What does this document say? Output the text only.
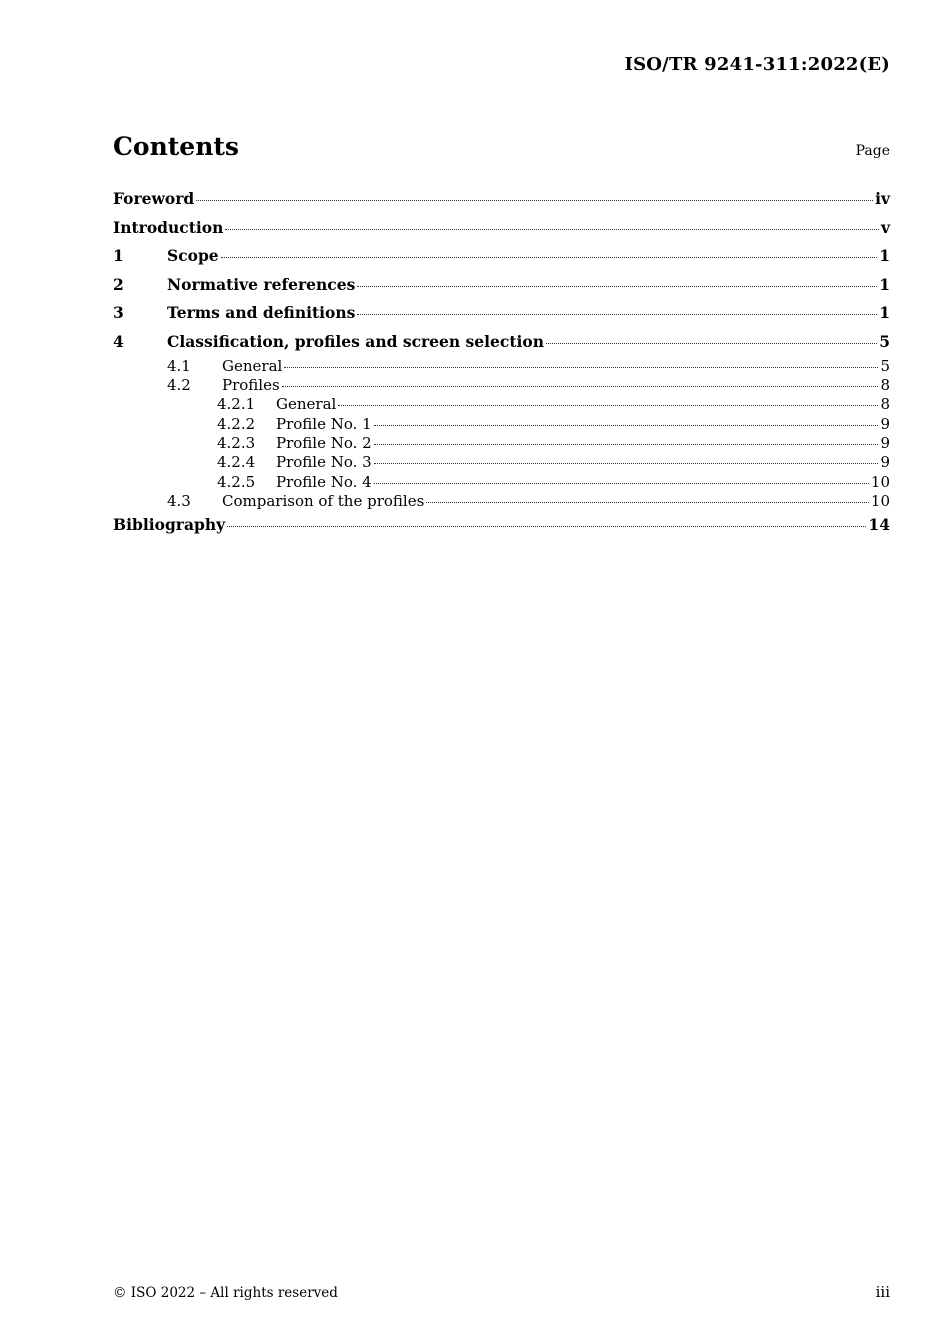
ISO/TR 9241-311:2022(E)
Contents	Page
Foreword	iv
Introduction	v
1	Scope	1
2	Normative references	1
3	Terms and definitions	1
4	Classification, profiles and screen selection	5
4.1	General	5
4.2	Profiles	8
4.2.1	General	8
4.2.2	Profile No. 1	9
4.2.3	Profile No. 2	9
4.2.4	Profile No. 3	9
4.2.5	Profile No. 4	10
4.3	Comparison of the profiles	10
Bibliography	14
© ISO 2022 – All rights reserved	iii
